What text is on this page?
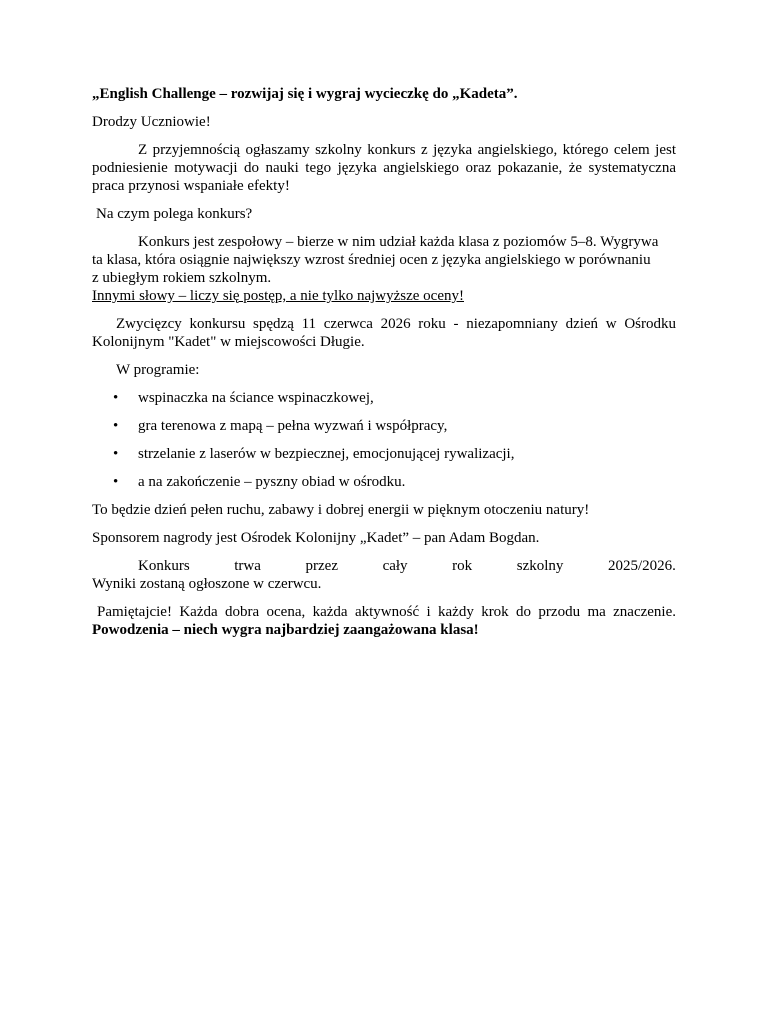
„English Challenge – rozwijaj się i wygraj wycieczkę do „Kadeta”.

Drodzy Uczniowie!

Z przyjemnością ogłaszamy szkolny konkurs z języka angielskiego, którego celem jest podniesienie motywacji do nauki tego języka angielskiego oraz pokazanie, że systematyczna praca przynosi wspaniałe efekty!

Na czym polega konkurs?

Konkurs jest zespołowy – bierze w nim udział każda klasa z poziomów 5–8. Wygrywa

ta klasa, która osiągnie największy wzrost średniej ocen z języka angielskiego w porównaniu

z ubiegłym rokiem szkolnym.

Innymi słowy – liczy się postęp, a nie tylko najwyższe oceny!

Zwycięzcy konkursu spędzą 11 czerwca 2026 roku - niezapomniany dzień w Ośrodku Kolonijnym "Kadet" w miejscowości Długie.

W programie:

• wspinaczka na ściance wspinaczkowej,
• gra terenowa z mapą – pełna wyzwań i współpracy,
• strzelanie z laserów w bezpiecznej, emocjonującej rywalizacji,
• a na zakończenie – pyszny obiad w ośrodku.

To będzie dzień pełen ruchu, zabawy i dobrej energii w pięknym otoczeniu natury!

Sponsorem nagrody jest Ośrodek Kolonijny „Kadet” – pan Adam Bogdan.

Konkurs	trwa	przez	cały	rok	szkolny	2025/2026.

Wyniki zostaną ogłoszone w czerwcu.

Pamiętajcie! Każda dobra ocena, każda aktywność i każdy krok do przodu ma znaczenie.

Powodzenia – niech wygra najbardziej zaangażowana klasa!
